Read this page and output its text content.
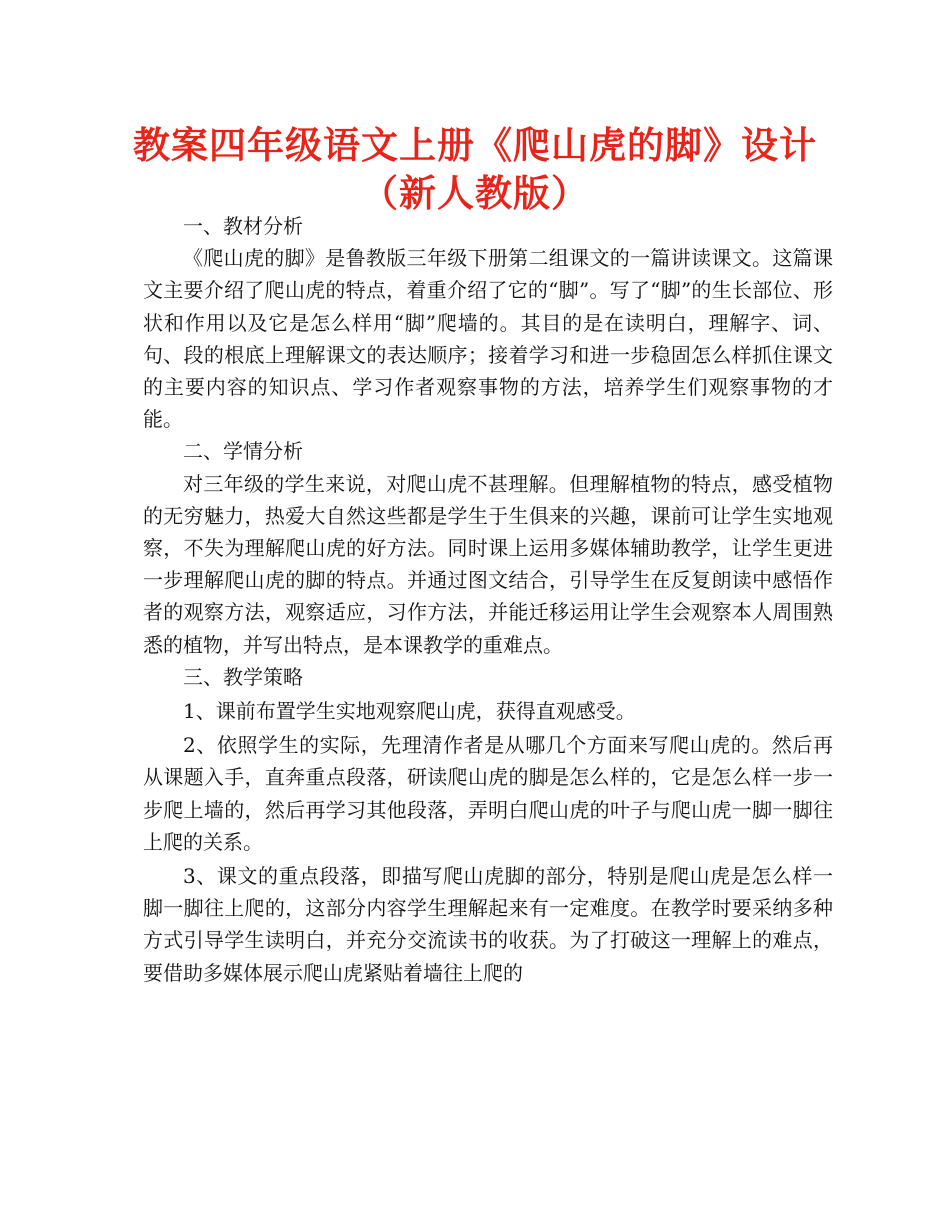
教案四年级语文上册《爬山虎的脚》设计
（新人教版）

一、教材分析

《爬山虎的脚》是鲁教版三年级下册第二组课文的一篇讲读课文。这篇课文主要介绍了爬山虎的特点，着重介绍了它的“脚”。写了“脚”的生长部位、形状和作用以及它是怎么样用“脚”爬墙的。其目的是在读明白，理解字、词、句、段的根底上理解课文的表达顺序；接着学习和进一步稳固怎么样抓住课文的主要内容的知识点、学习作者观察事物的方法，培养学生们观察事物的才能。

二、学情分析

对三年级的学生来说，对爬山虎不甚理解。但理解植物的特点，感受植物的无穷魅力，热爱大自然这些都是学生于生俱来的兴趣，课前可让学生实地观察，不失为理解爬山虎的好方法。同时课上运用多媒体辅助教学，让学生更进一步理解爬山虎的脚的特点。并通过图文结合，引导学生在反复朗读中感悟作者的观察方法，观察适应，习作方法，并能迁移运用让学生会观察本人周围熟悉的植物，并写出特点，是本课教学的重难点。

三、教学策略

1、课前布置学生实地观察爬山虎，获得直观感受。

2、依照学生的实际，先理清作者是从哪几个方面来写爬山虎的。然后再从课题入手，直奔重点段落，研读爬山虎的脚是怎么样的，它是怎么样一步一步爬上墙的，然后再学习其他段落，弄明白爬山虎的叶子与爬山虎一脚一脚往上爬的关系。

3、课文的重点段落，即描写爬山虎脚的部分，特别是爬山虎是怎么样一脚一脚往上爬的，这部分内容学生理解起来有一定难度。在教学时要采纳多种方式引导学生读明白，并充分交流读书的收获。为了打破这一理解上的难点，要借助多媒体展示爬山虎紧贴着墙往上爬的
